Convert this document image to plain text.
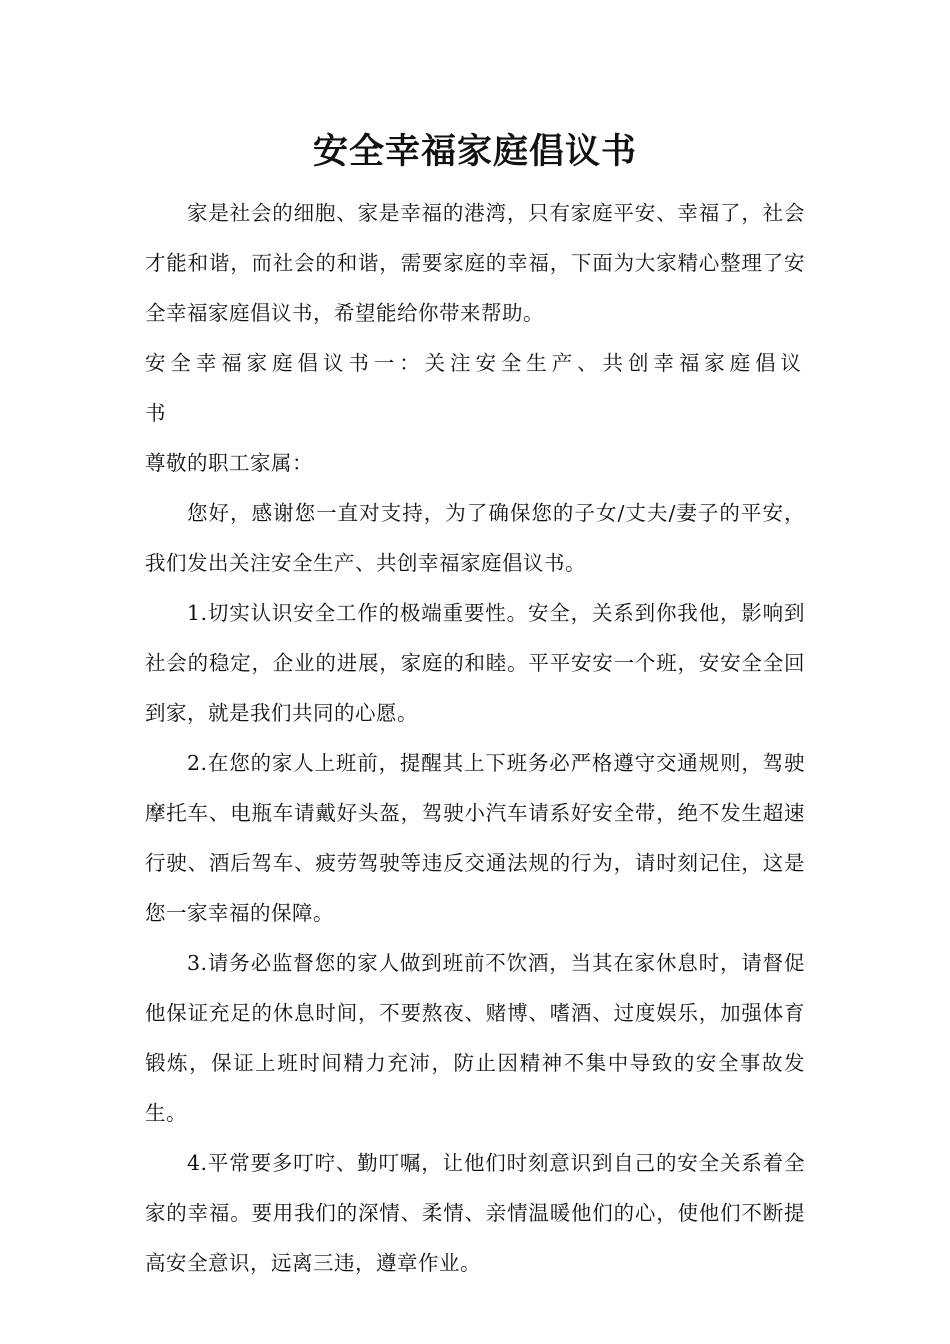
安全幸福家庭倡议书

家是社会的细胞、家是幸福的港湾，只有家庭平安、幸福了，社会才能和谐，而社会的和谐，需要家庭的幸福，下面为大家精心整理了安全幸福家庭倡议书，希望能给你带来帮助。

安全幸福家庭倡议书一：关注安全生产、共创幸福家庭倡议书

尊敬的职工家属：

您好，感谢您一直对支持，为了确保您的子女/丈夫/妻子的平安，我们发出关注安全生产、共创幸福家庭倡议书。

1.切实认识安全工作的极端重要性。安全，关系到你我他，影响到社会的稳定，企业的进展，家庭的和睦。平平安安一个班，安安全全回到家，就是我们共同的心愿。

2.在您的家人上班前，提醒其上下班务必严格遵守交通规则，驾驶摩托车、电瓶车请戴好头盔，驾驶小汽车请系好安全带，绝不发生超速行驶、酒后驾车、疲劳驾驶等违反交通法规的行为，请时刻记住，这是您一家幸福的保障。

3.请务必监督您的家人做到班前不饮酒，当其在家休息时，请督促他保证充足的休息时间，不要熬夜、赌博、嗜酒、过度娱乐，加强体育锻炼，保证上班时间精力充沛，防止因精神不集中导致的安全事故发生。

4.平常要多叮咛、勤叮嘱，让他们时刻意识到自己的安全关系着全家的幸福。要用我们的深情、柔情、亲情温暖他们的心，使他们不断提高安全意识，远离三违，遵章作业。
